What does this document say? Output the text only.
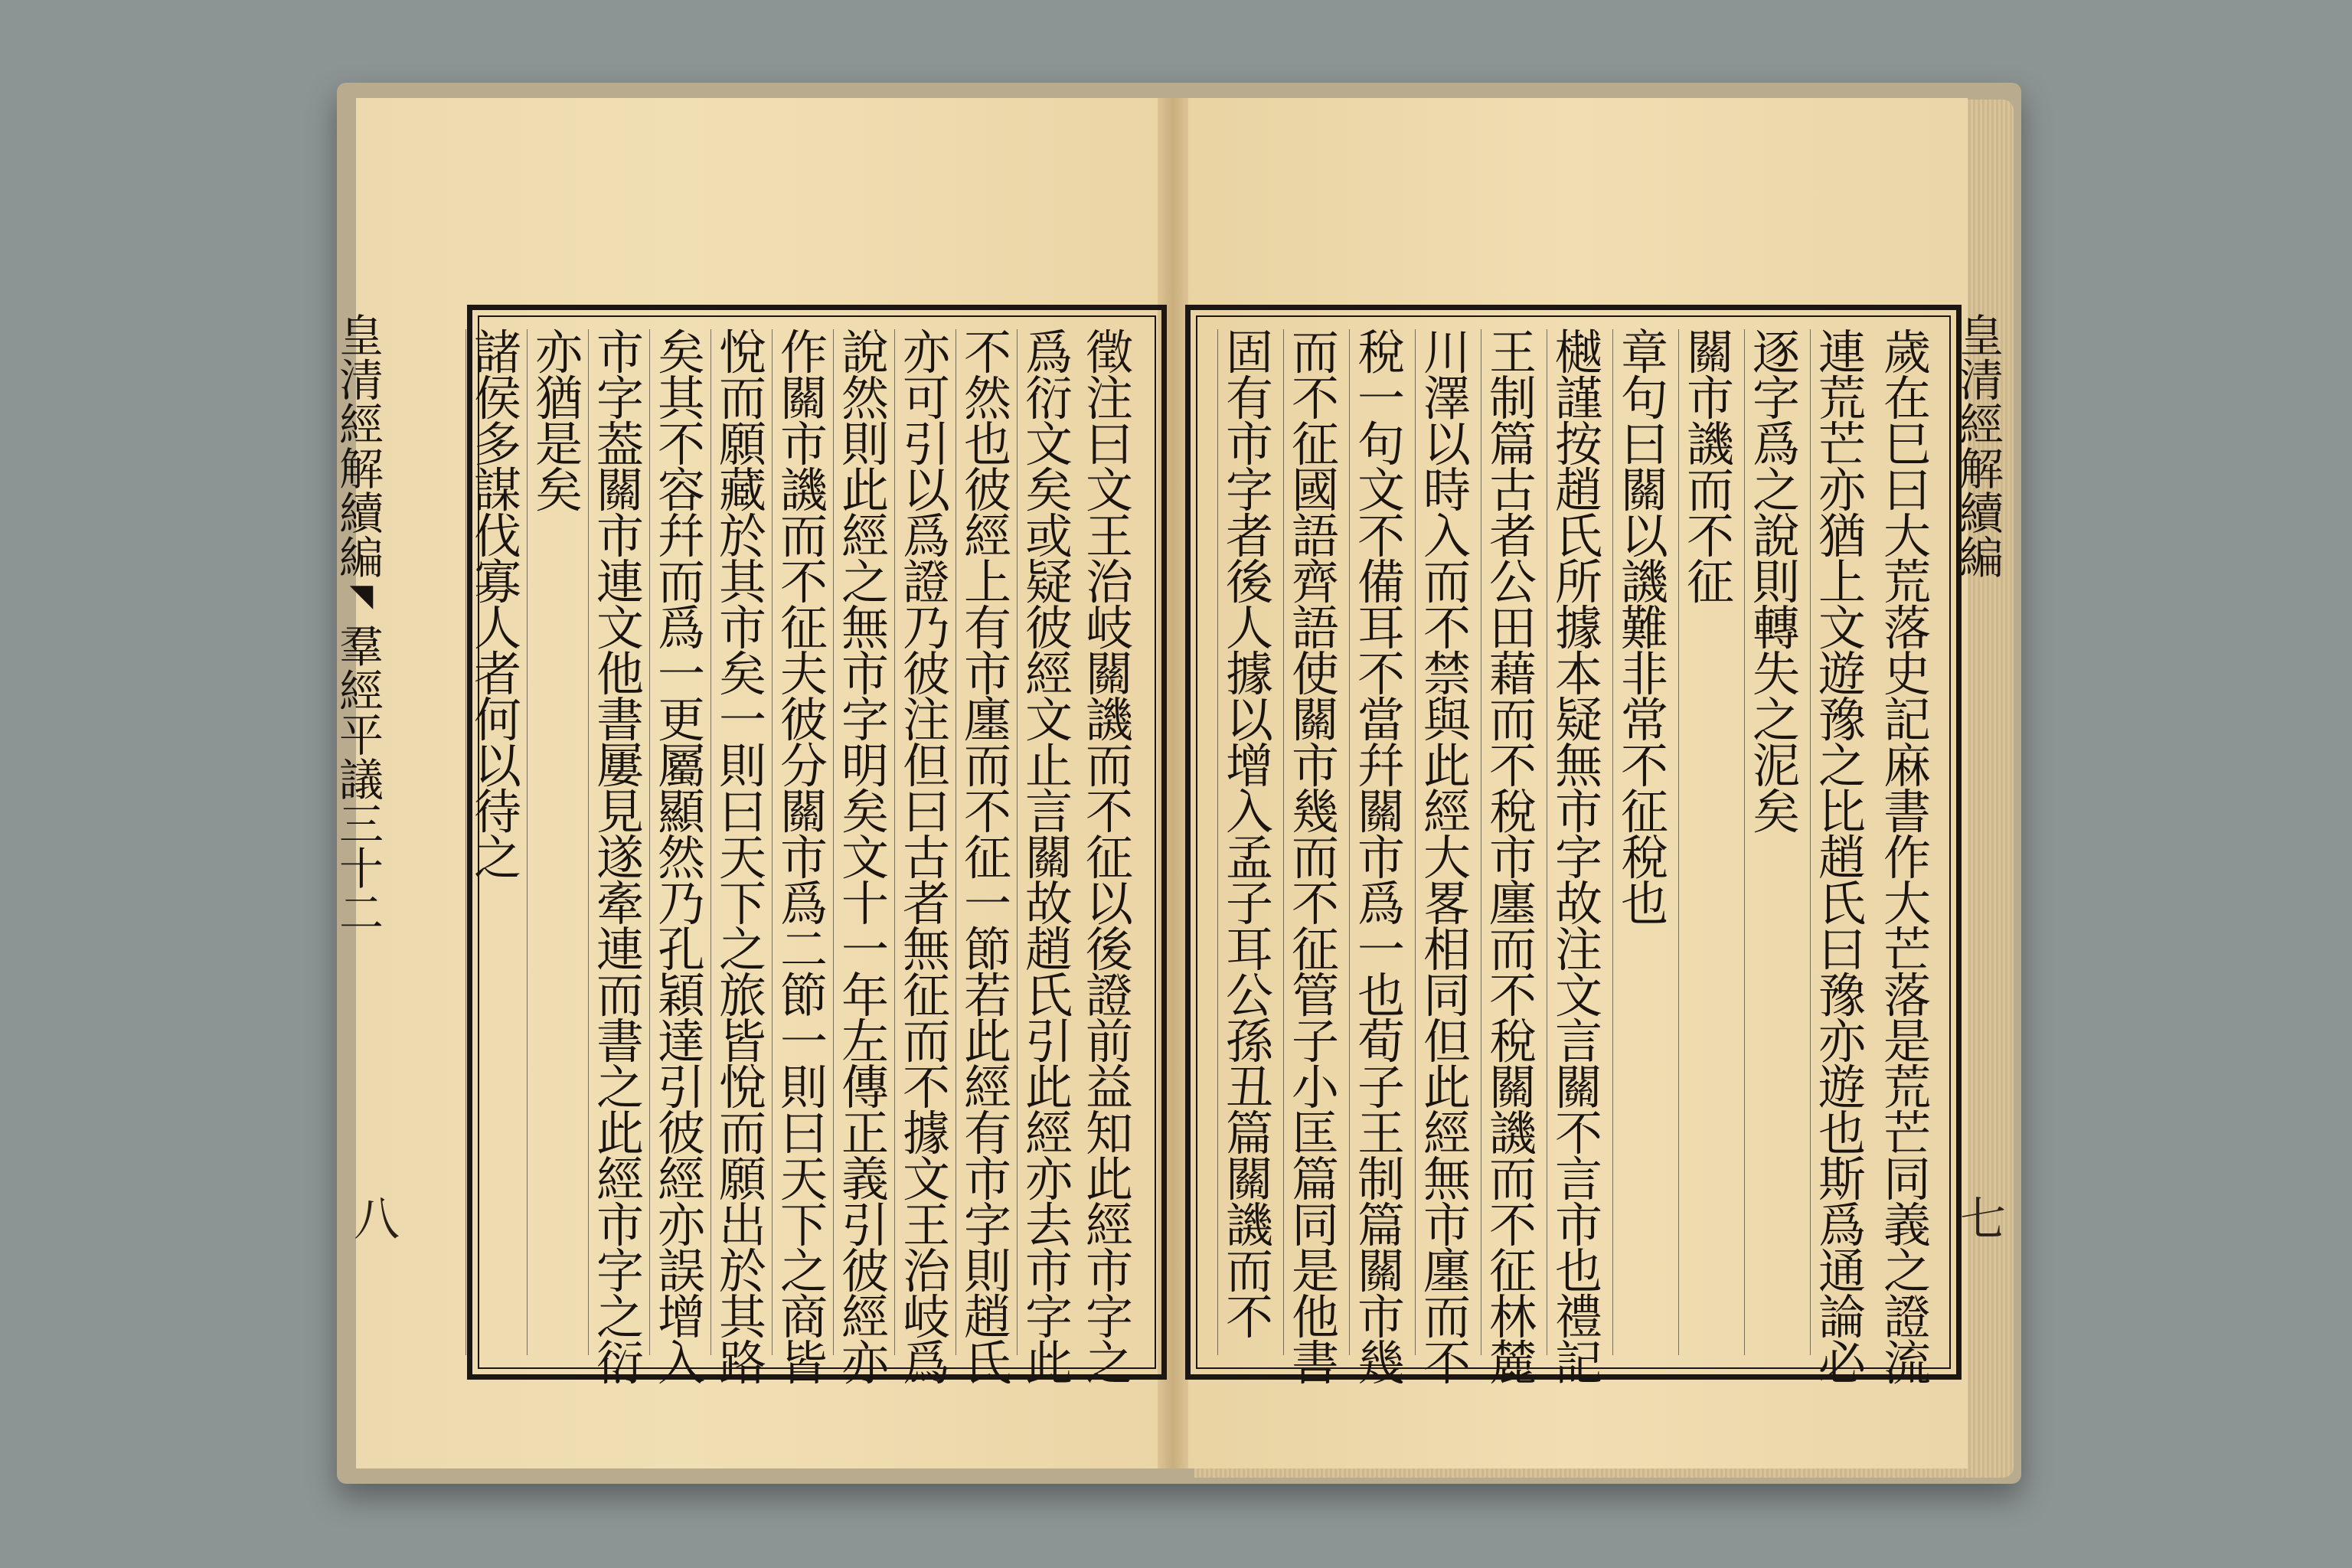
皇
清
經
解
續
編
◥
羣
經
平
議
三
十
二
皇
清
經
解
續
編
八	七
徵
注
曰
文
王
治
岐
關
譏
而
不
征
以
後
證
前
益
知
此
經
市
字
之
爲
衍
文
矣
或
疑
彼
經
文
止
言
關
故
趙
氏
引
此
經
亦
去
市
字
此
不
然
也
彼
經
上
有
市
廛
而
不
征
一
節
若
此
經
有
市
字
則
趙
氏
亦
可
引
以
爲
證
乃
彼
注
但
曰
古
者
無
征
而
不
據
文
王
治
岐
爲
說
然
則
此
經
之
無
市
字
明
矣
文
十
一
年
左
傳
正
義
引
彼
經
亦
作
關
市
譏
而
不
征
夫
彼
分
關
市
爲
二
節
一
則
曰
天
下
之
商
皆
悅
而
願
藏
於
其
市
矣
一
則
曰
天
下
之
旅
皆
悅
而
願
出
於
其
路
矣
其
不
容
幷
而
爲
一
更
屬
顯
然
乃
孔
穎
達
引
彼
經
亦
誤
增
入
市
字
葢
關
市
連
文
他
書
屢
見
遂
牽
連
而
書
之
此
經
市
字
之
衍
亦
猶
是
矣
諸
侯
多
謀
伐
寡
人
者
何
以
待
之
歲
在
巳
曰
大
荒
落
史
記
麻
書
作
大
芒
落
是
荒
芒
同
義
之
證
流
連
荒
芒
亦
猶
上
文
遊
豫
之
比
趙
氏
曰
豫
亦
遊
也
斯
爲
通
論
必
逐
字
爲
之
說
則
轉
失
之
泥
矣
關
市
譏
而
不
征
章
句
曰
關
以
譏
難
非
常
不
征
稅
也
樾
謹
按
趙
氏
所
據
本
疑
無
市
字
故
注
文
言
關
不
言
市
也
禮
記
王
制
篇
古
者
公
田
藉
而
不
稅
市
廛
而
不
稅
關
譏
而
不
征
林
麓
川
澤
以
時
入
而
不
禁
與
此
經
大
畧
相
同
但
此
經
無
市
廛
而
不
稅
一
句
文
不
備
耳
不
當
幷
關
市
爲
一
也
荀
子
王
制
篇
關
市
幾
而
不
征
國
語
齊
語
使
關
市
幾
而
不
征
管
子
小
匡
篇
同
是
他
書
固
有
市
字
者
後
人
據
以
增
入
孟
子
耳
公
孫
丑
篇
關
譏
而
不
